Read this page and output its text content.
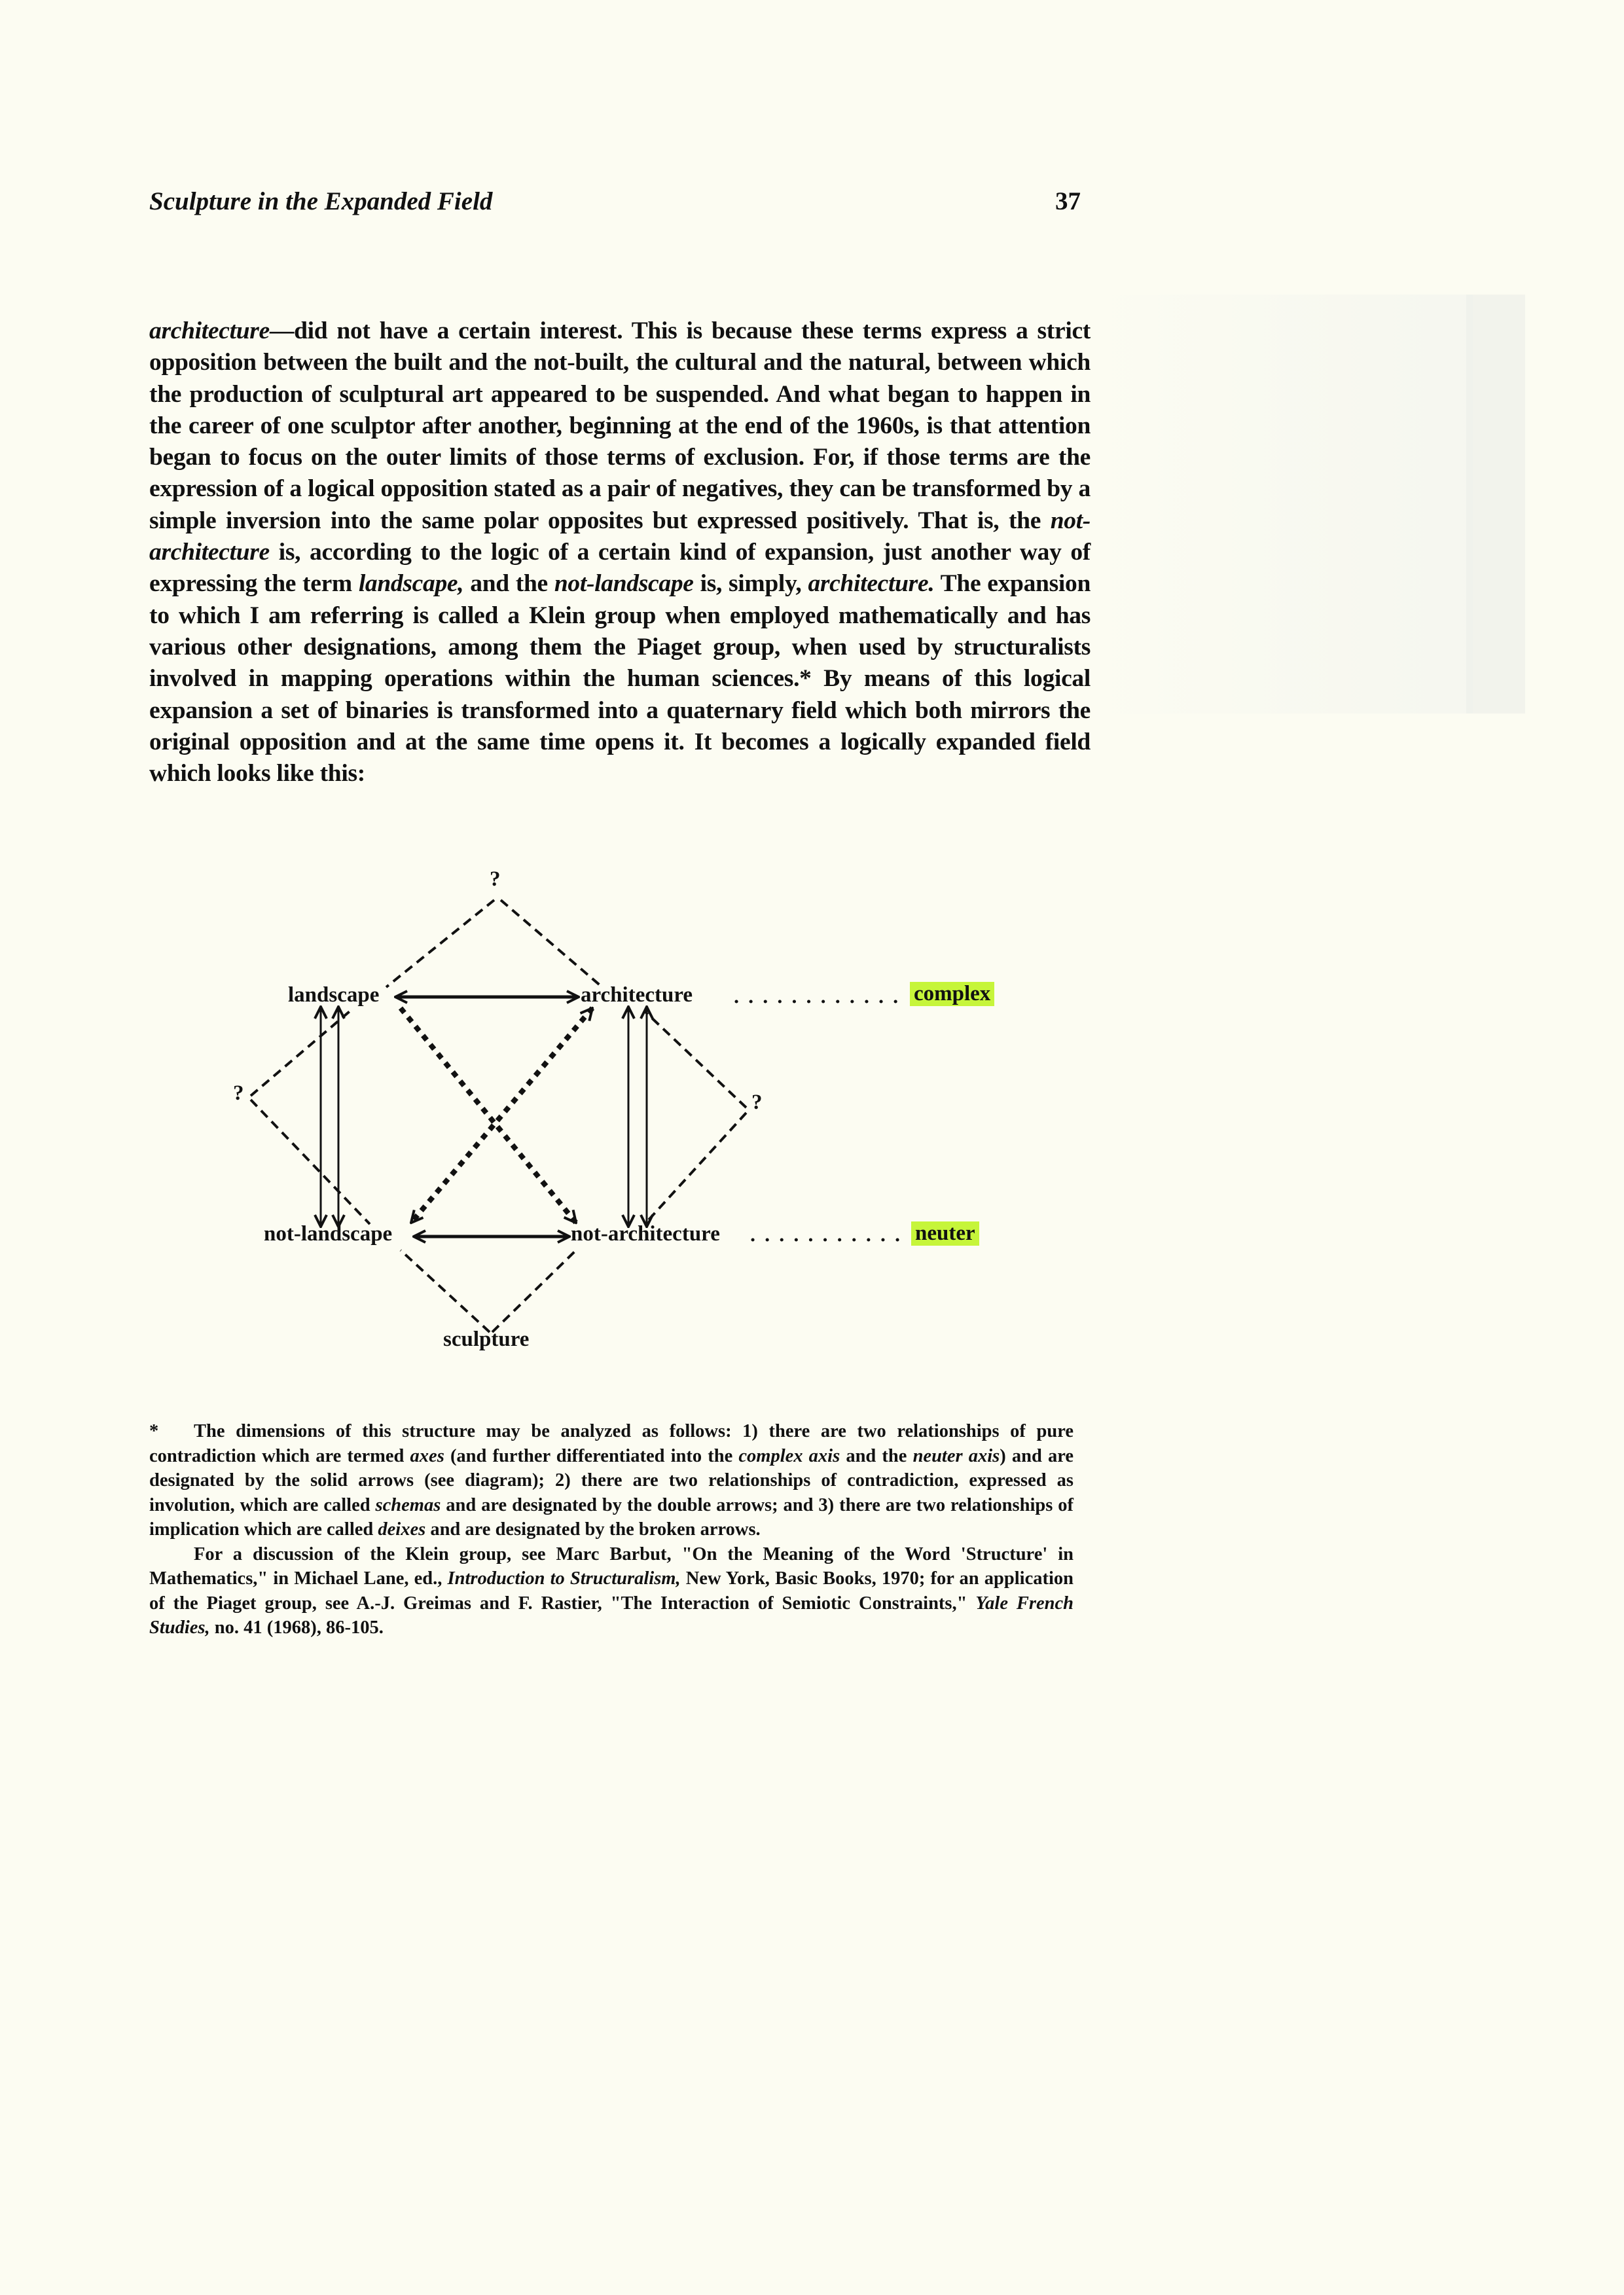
Sculpture in the Expanded Field	37

architecture—did not have a certain interest. This is because these terms express a strict opposition between the built and the not-built, the cultural and the natural, between which the production of sculptural art appeared to be suspended. And what began to happen in the career of one sculptor after another, beginning at the end of the 1960s, is that attention began to focus on the outer limits of those terms of exclusion. For, if those terms are the expression of a logical opposition stated as a pair of negatives, they can be transformed by a simple inversion into the same polar opposites but expressed positively. That is, the not-architecture is, according to the logic of a certain kind of expansion, just another way of expressing the term landscape, and the not-landscape is, simply, architecture. The expansion to which I am referring is called a Klein group when employed mathematically and has various other designations, among them the Piaget group, when used by structuralists involved in mapping operations within the human sciences.* By means of this logical expansion a set of binaries is transformed into a quaternary field which both mirrors the original opposition and at the same time opens it. It becomes a logically expanded field which looks like this:

?
landscape	architecture	complex
?	?
not-landscape	not-architecture	neuter
sculpture

* The dimensions of this structure may be analyzed as follows: 1) there are two relationships of pure contradiction which are termed axes (and further differentiated into the complex axis and the neuter axis) and are designated by the solid arrows (see diagram); 2) there are two relationships of contradiction, expressed as involution, which are called schemas and are designated by the double arrows; and 3) there are two relationships of implication which are called deixes and are designated by the broken arrows.

For a discussion of the Klein group, see Marc Barbut, "On the Meaning of the Word 'Structure' in Mathematics," in Michael Lane, ed., Introduction to Structuralism, New York, Basic Books, 1970; for an application of the Piaget group, see A.-J. Greimas and F. Rastier, "The Interaction of Semiotic Constraints," Yale French Studies, no. 41 (1968), 86-105.
